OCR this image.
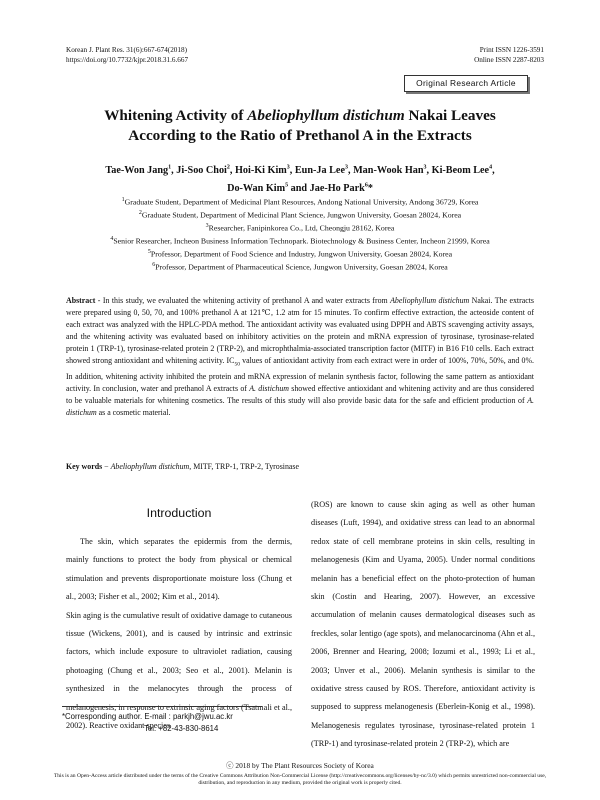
Korean J. Plant Res. 31(6):667-674(2018)
https://doi.org/10.7732/kjpr.2018.31.6.667
Print ISSN 1226-3591
Online ISSN 2287-8203
Original Research Article
Whitening Activity of Abeliophyllum distichum Nakai Leaves
According to the Ratio of Prethanol A in the Extracts
Tae-Won Jang$^1$, Ji-Soo Choi$^2$, Hoi-Ki Kim$^3$, Eun-Ja Lee$^3$, Man-Wook Han$^3$, Ki-Beom Lee$^4$,
Do-Wan Kim$^5$ and Jae-Ho Park$^6$*
$^1$Graduate Student, Department of Medicinal Plant Resources, Andong National University, Andong 36729, Korea
$^2$Graduate Student, Department of Medicinal Plant Science, Jungwon University, Goesan 28024, Korea
$^3$Researcher, Fanipinkorea Co., Ltd, Cheongju 28162, Korea
$^4$Senior Researcher, Incheon Business Information Technopark. Biotechnology & Business Center, Incheon 21999, Korea
$^5$Professor, Department of Food Science and Industry, Jungwon University, Goesan 28024, Korea
$^6$Professor, Department of Pharmaceutical Science, Jungwon University, Goesan 28024, Korea
Abstract - In this study, we evaluated the whitening activity of prethanol A and water extracts from Abeliophyllum distichum Nakai. The extracts were prepared using 0, 50, 70, and 100% prethanol A at 121℃, 1.2 atm for 15 minutes. To confirm effective extraction, the acteoside content of each extract was analyzed with the HPLC-PDA method. The antioxidant activity was evaluated using DPPH and ABTS scavenging activity assays, and the whitening activity was evaluated based on inhibitory activities on the protein and mRNA expression of tyrosinase, tyrosinase-related protein 1 (TRP-1), tyrosinase-related protein 2 (TRP-2), and microphthalmia-associated transcription factor (MITF) in B16 F10 cells. Each extract showed strong antioxidant and whitening activity. $IC_{50}$ values of antioxidant activity from each extract were in order of 100%, 70%, 50%, and 0%. In addition, whitening activity inhibited the protein and mRNA expression of melanin synthesis factor, following the same pattern as antioxidant activity. In conclusion, water and prethanol A extracts of A. distichum showed effective antioxidant and whitening activity and are thus considered to be valuable materials for whitening cosmetics. The results of this study will also provide basic data for the safe and efficient production of A. distichum as a cosmetic material.
Key words − Abeliophyllum distichum, MITF, TRP-1, TRP-2, Tyrosinase
Introduction

The skin, which separates the epidermis from the dermis, mainly functions to protect the body from physical or chemical stimulation and prevents disproportionate moisture loss (Chung et al., 2003; Fisher et al., 2002; Kim et al., 2014).

Skin aging is the cumulative result of oxidative damage to cutaneous tissue (Wickens, 2001), and is caused by intrinsic and extrinsic factors, which include exposure to ultraviolet radiation, causing photoaging (Chung et al., 2003; Seo et al., 2001). Melanin is synthesized in the melanocytes through the process of melanogenesis, in response to extrinsic aging factors (Tsatmali et al., 2002). Reactive oxidant species

(ROS) are known to cause skin aging as well as other human diseases (Luft, 1994), and oxidative stress can lead to an abnormal redox state of cell membrane proteins in skin cells, resulting in melanogenesis (Kim and Uyama, 2005). Under normal conditions melanin has a beneficial effect on the photo-protection of human skin (Costin and Hearing, 2007). However, an excessive accumulation of melanin causes dermatological diseases such as freckles, solar lentigo (age spots), and melanocarcinoma (Ahn et al., 2006, Brenner and Hearing, 2008; Iozumi et al., 1993; Li et al., 2003; Unver et al., 2006). Melanin synthesis is similar to the oxidative stress caused by ROS. Therefore, antioxidant activity is supposed to suppress melanogenesis (Eberlein-Konig et al., 1998). Melanogenesis regulates tyrosinase, tyrosinase-related protein 1 (TRP-1) and tyrosinase-related protein 2 (TRP-2), which are

*Corresponding author. E-mail : parkjh@jwu.ac.kr
Tel. +82-43-830-8614
ⓒ 2018 by The Plant Resources Society of Korea
This is an Open-Access article distributed under the terms of the Creative Commons Attribution Non-Commercial License (http://creativecommons.org/licenses/by-nc/3.0) which permits unrestricted non-commercial use, distribution, and reproduction in any medium, provided the original work is properly cited.
